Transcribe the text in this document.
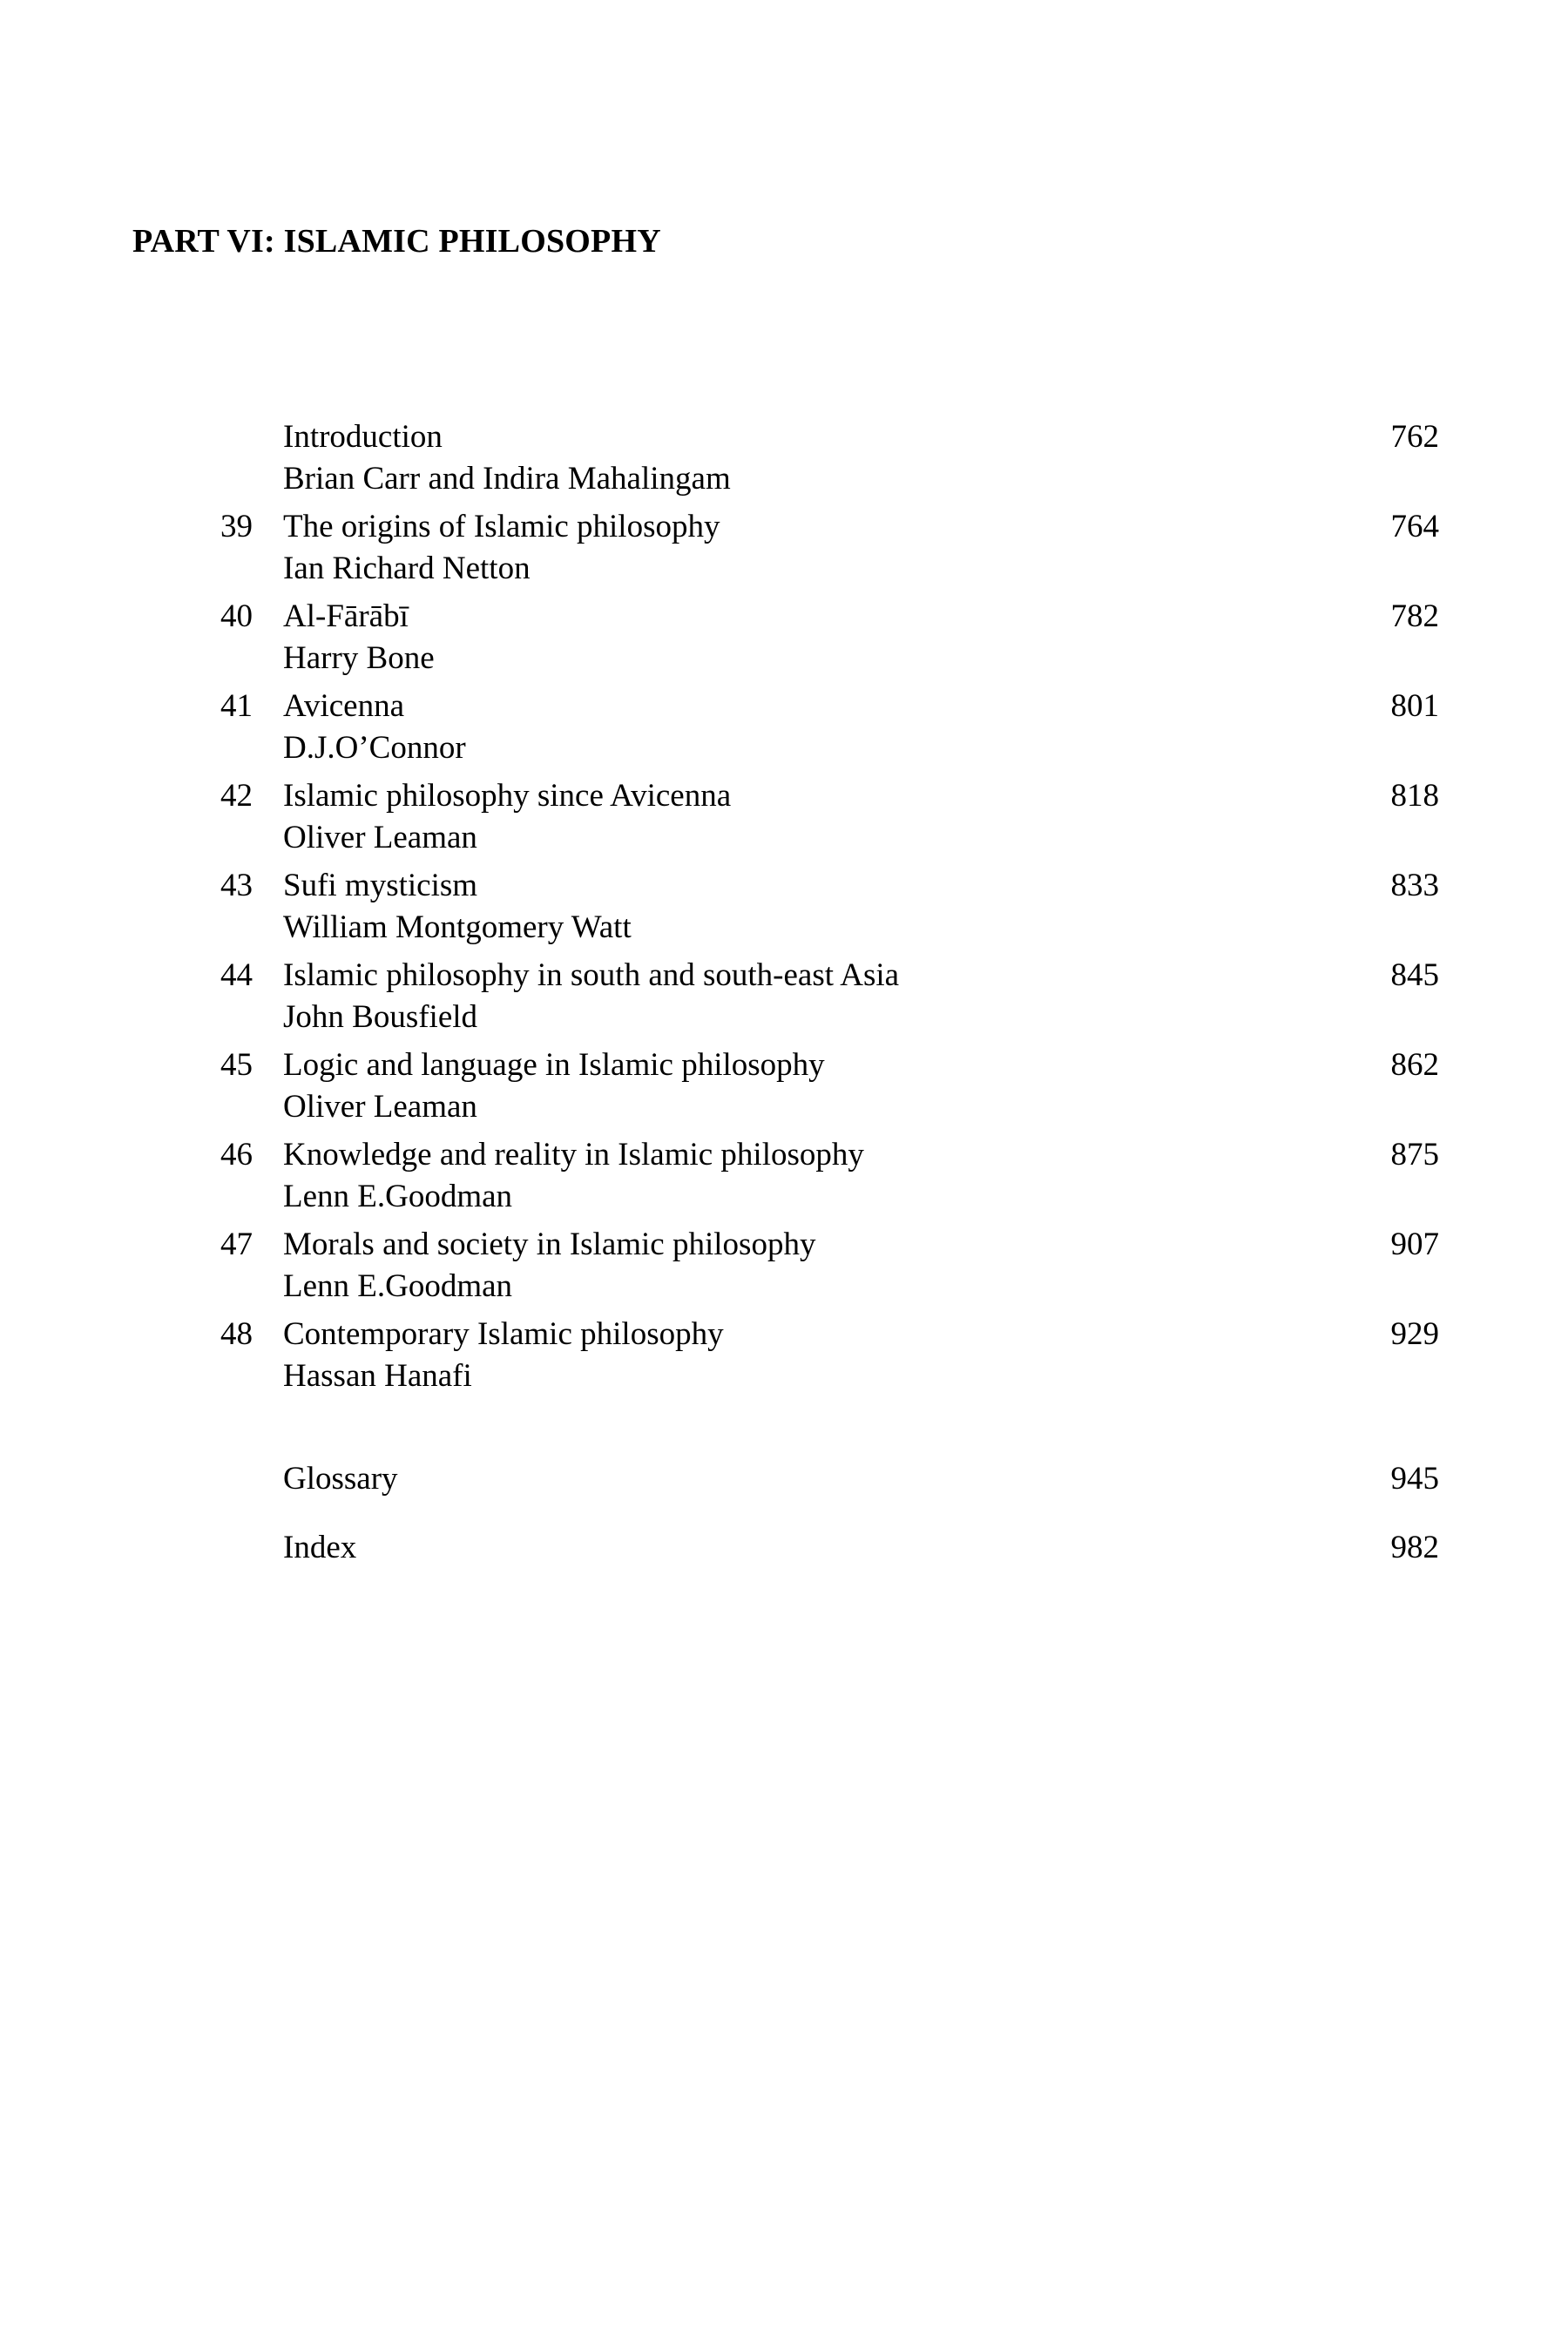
PART VI: ISLAMIC PHILOSOPHY
Introduction
Brian Carr and Indira Mahalingam
762
39 The origins of Islamic philosophy
Ian Richard Netton
764
40 Al-Fārābī
Harry Bone
782
41 Avicenna
D.J.O’Connor
801
42 Islamic philosophy since Avicenna
Oliver Leaman
818
43 Sufi mysticism
William Montgomery Watt
833
44 Islamic philosophy in south and south-east Asia
John Bousfield
845
45 Logic and language in Islamic philosophy
Oliver Leaman
862
46 Knowledge and reality in Islamic philosophy
Lenn E.Goodman
875
47 Morals and society in Islamic philosophy
Lenn E.Goodman
907
48 Contemporary Islamic philosophy
Hassan Hanafi
929
Glossary	945
Index	982
